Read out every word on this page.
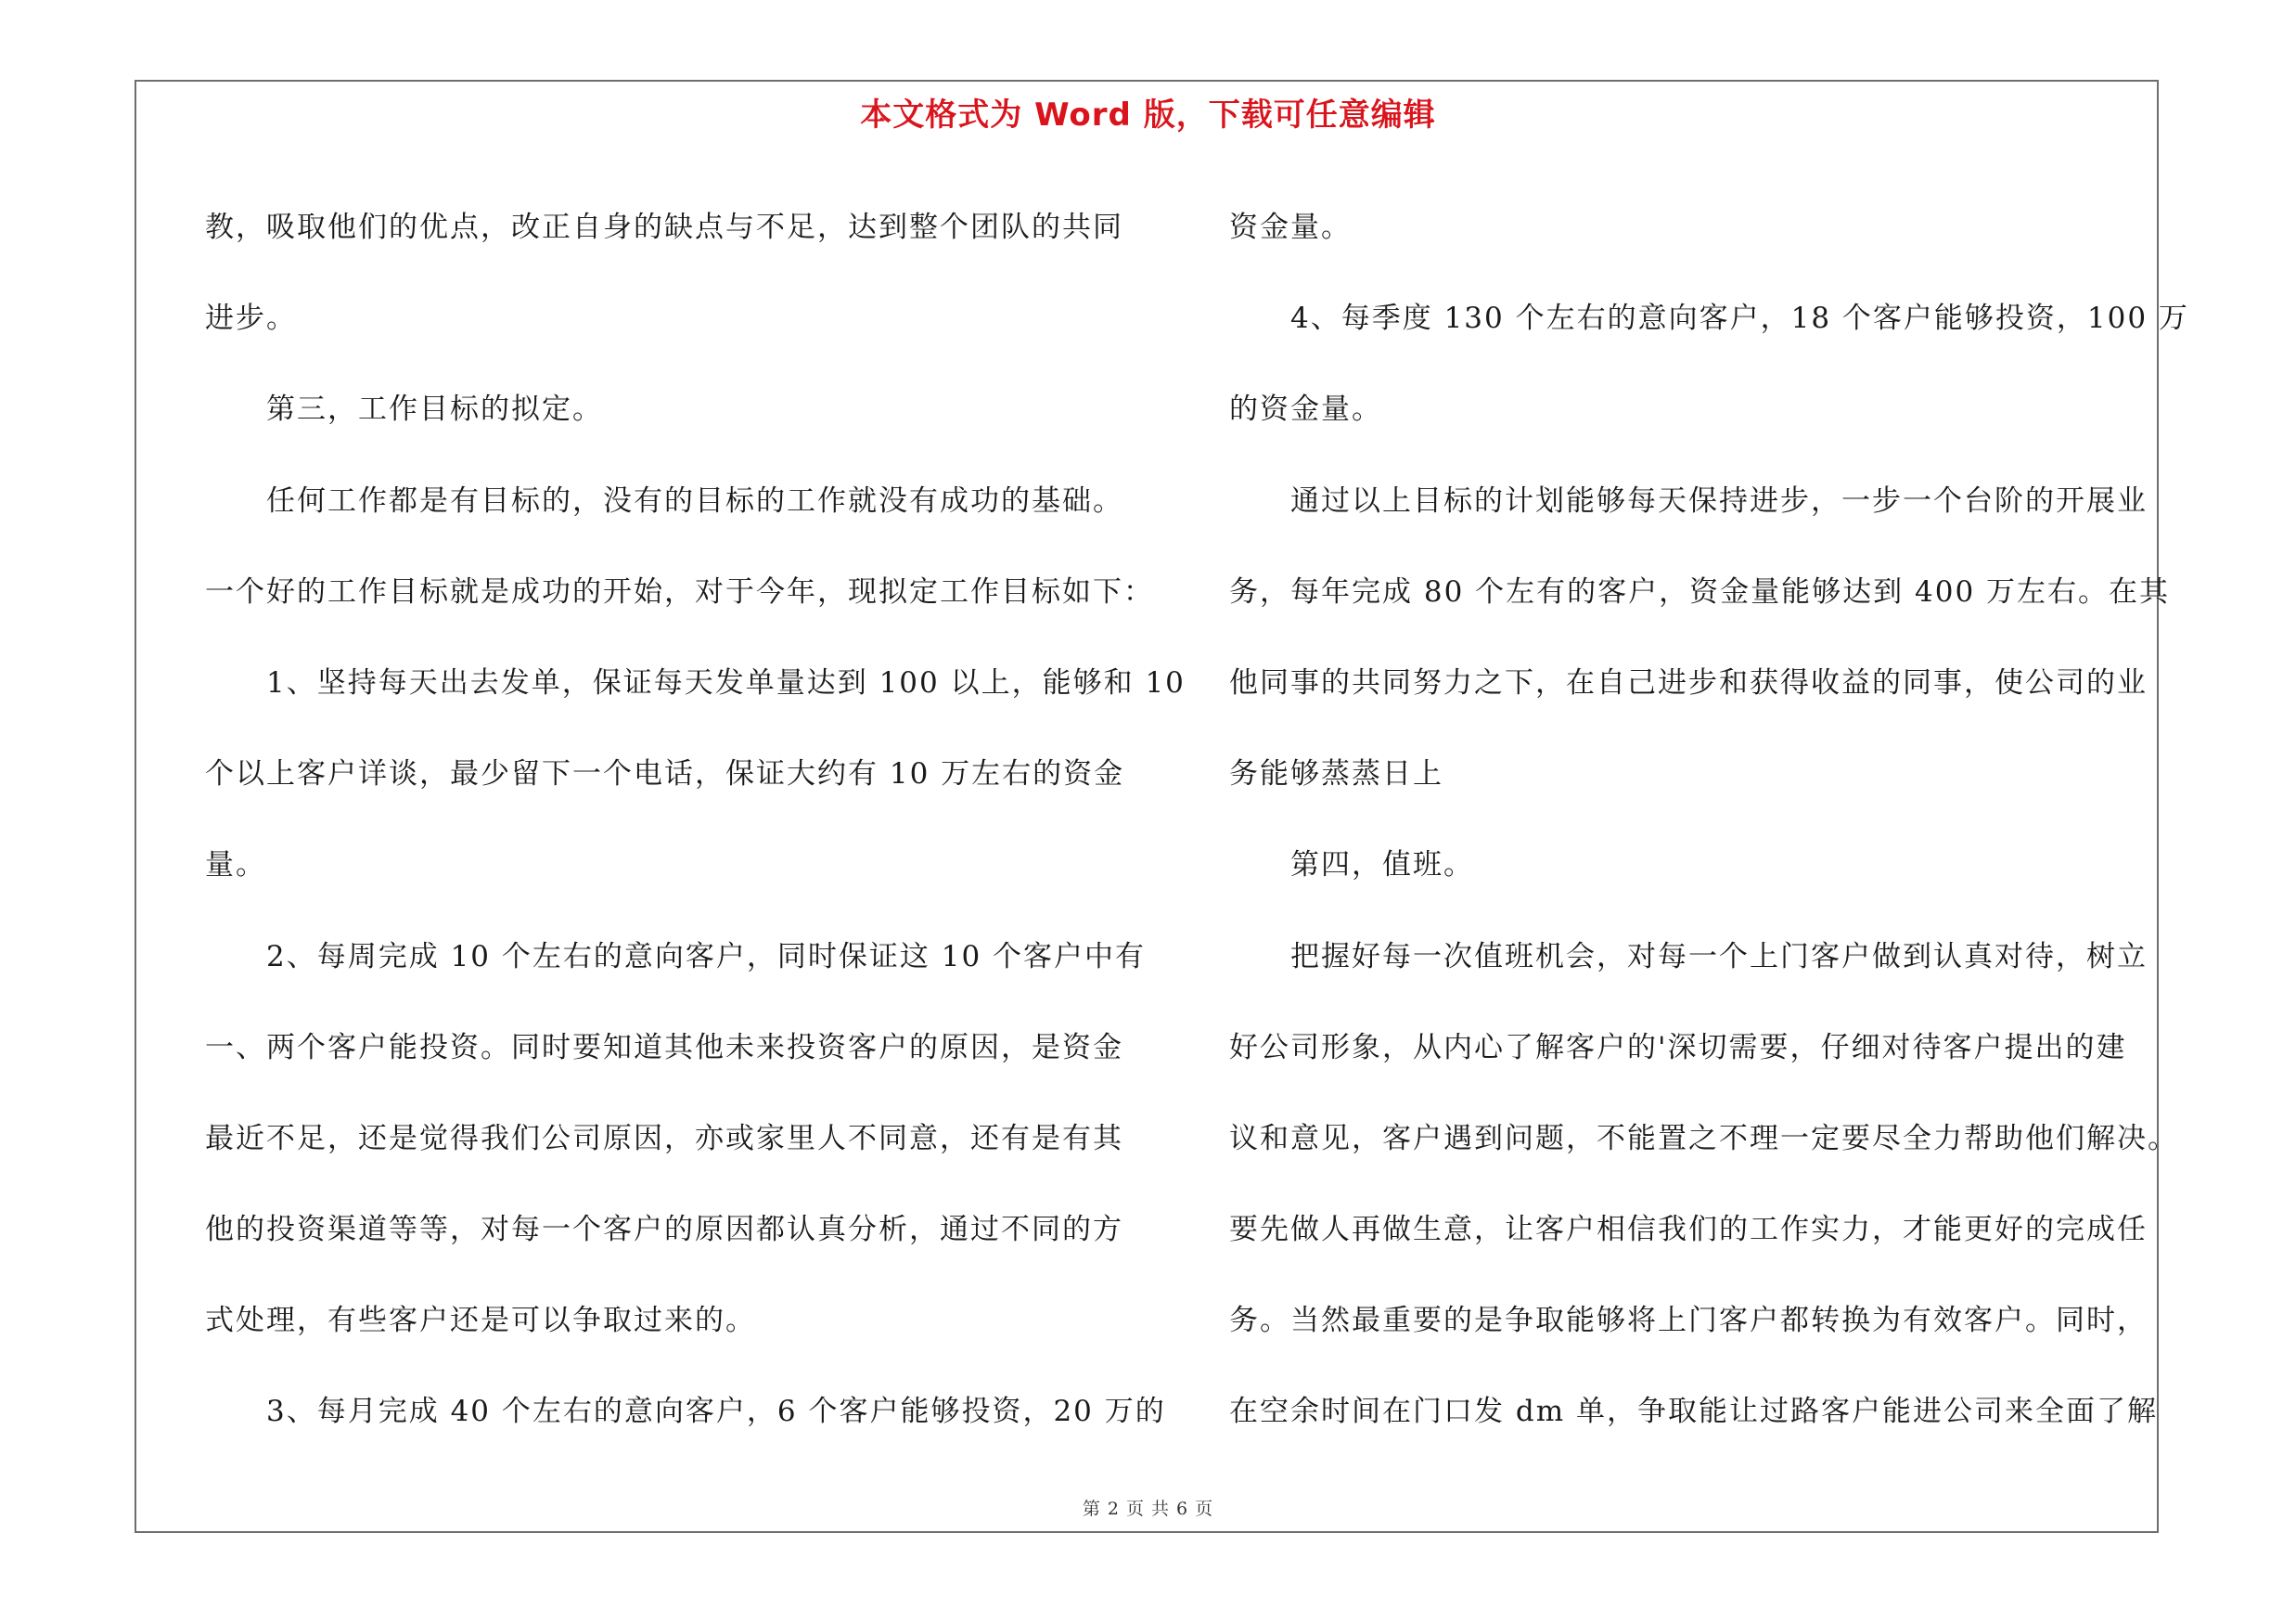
本文格式为 Word 版，下载可任意编辑
教，吸取他们的优点，改正自身的缺点与不足，达到整个团队的共同
进步。
第三，工作目标的拟定。
任何工作都是有目标的，没有的目标的工作就没有成功的基础。
一个好的工作目标就是成功的开始，对于今年，现拟定工作目标如下：
1、坚持每天出去发单，保证每天发单量达到 100 以上，能够和 10
个以上客户详谈，最少留下一个电话，保证大约有 10 万左右的资金
量。
2、每周完成 10 个左右的意向客户，同时保证这 10 个客户中有
一、两个客户能投资。同时要知道其他未来投资客户的原因，是资金
最近不足，还是觉得我们公司原因，亦或家里人不同意，还有是有其
他的投资渠道等等，对每一个客户的原因都认真分析，通过不同的方
式处理，有些客户还是可以争取过来的。
3、每月完成 40 个左右的意向客户，6 个客户能够投资，20 万的
资金量。
4、每季度 130 个左右的意向客户，18 个客户能够投资，100 万
的资金量。
通过以上目标的计划能够每天保持进步，一步一个台阶的开展业
务，每年完成 80 个左有的客户，资金量能够达到 400 万左右。在其
他同事的共同努力之下，在自己进步和获得收益的同事，使公司的业
务能够蒸蒸日上
第四，值班。
把握好每一次值班机会，对每一个上门客户做到认真对待，树立
好公司形象，从内心了解客户的'深切需要，仔细对待客户提出的建
议和意见，客户遇到问题，不能置之不理一定要尽全力帮助他们解决。
要先做人再做生意，让客户相信我们的工作实力，才能更好的完成任
务。当然最重要的是争取能够将上门客户都转换为有效客户。同时，
在空余时间在门口发 dm 单，争取能让过路客户能进公司来全面了解
第 2 页 共 6 页
